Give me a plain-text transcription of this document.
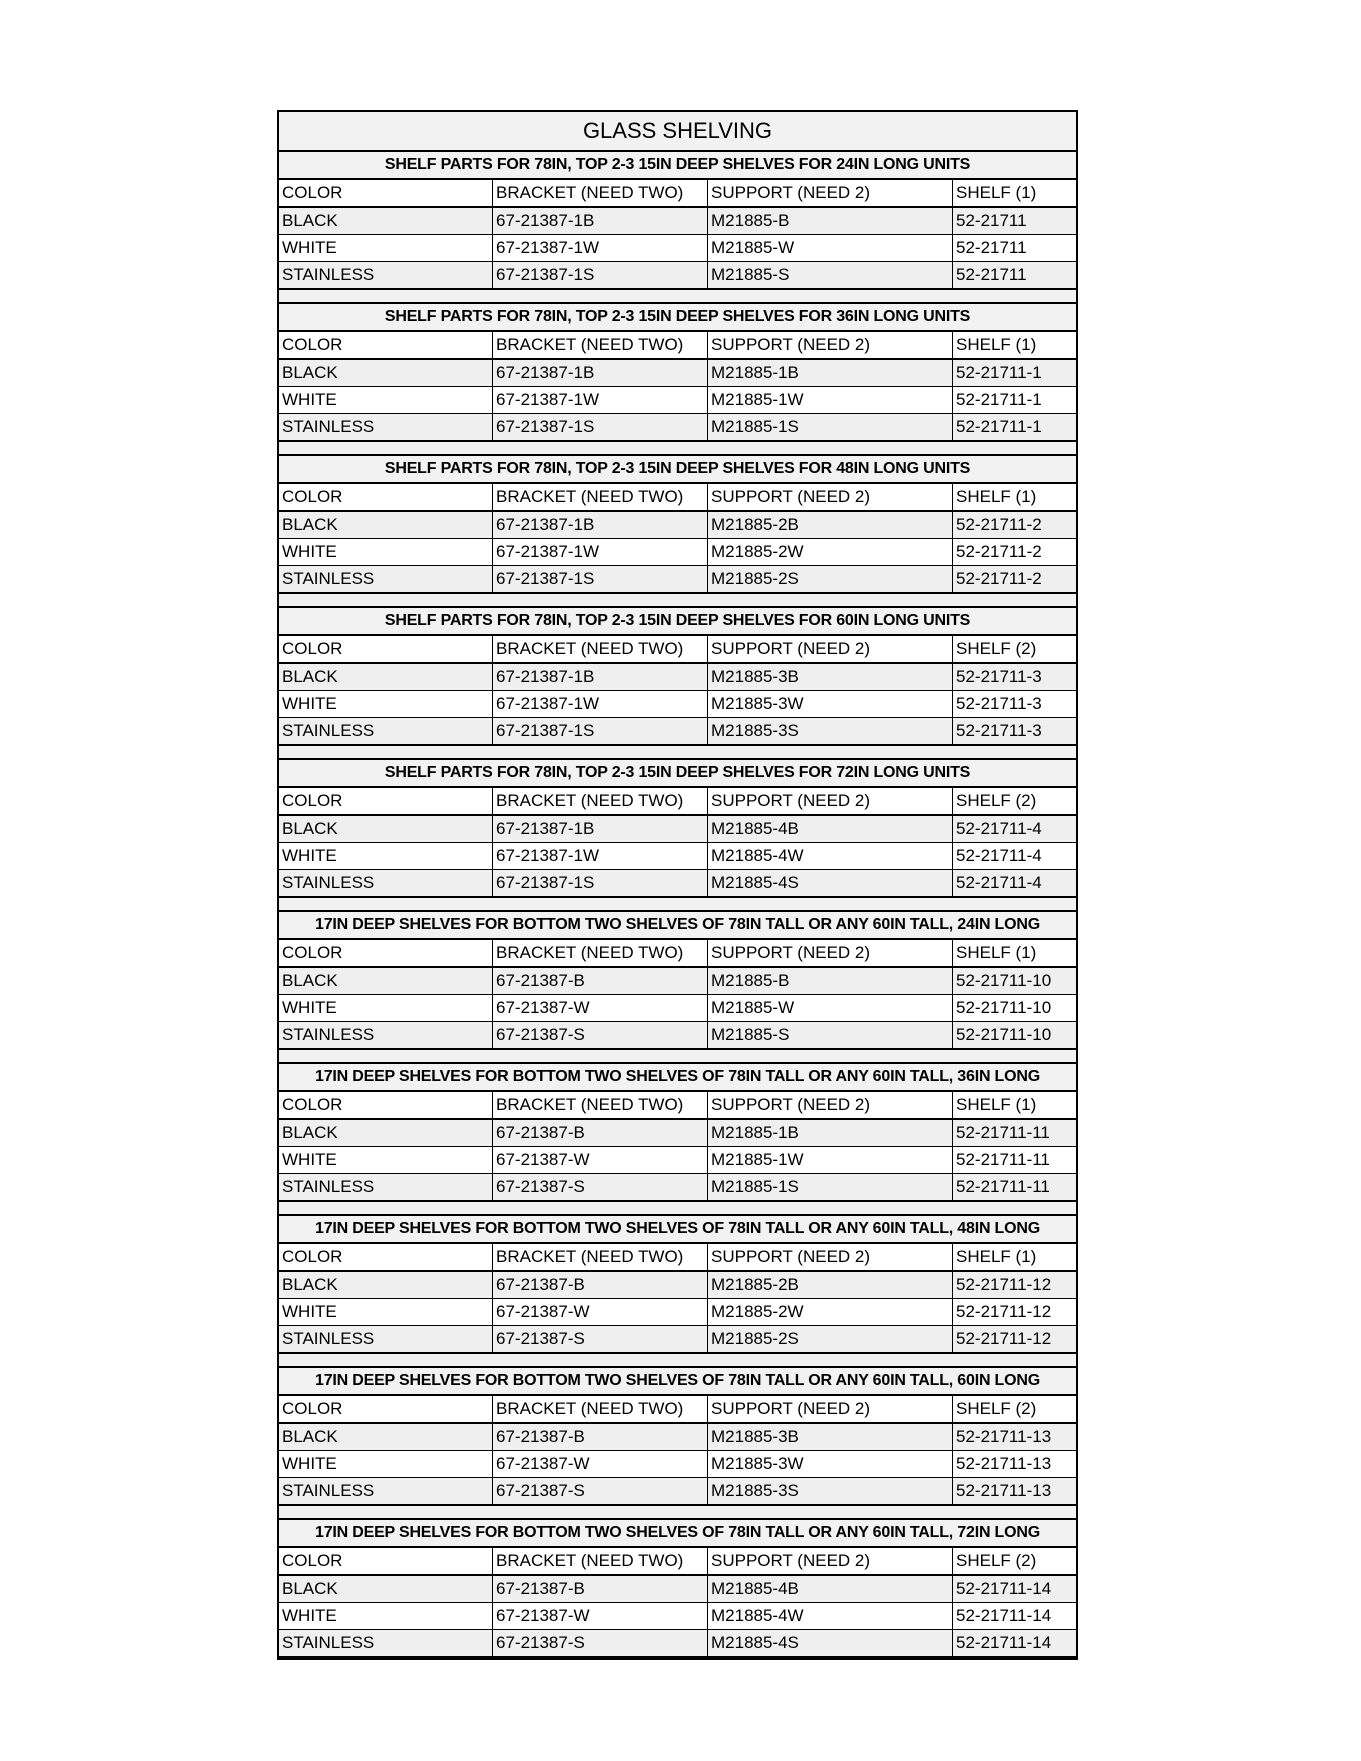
GLASS SHELVING
SHELF PARTS FOR 78IN, TOP 2-3 15IN DEEP SHELVES FOR 24IN LONG UNITS
COLOR	BRACKET (NEED TWO)	SUPPORT (NEED 2)	SHELF (1)
BLACK	67-21387-1B	M21885-B	52-21711
WHITE	67-21387-1W	M21885-W	52-21711
STAINLESS	67-21387-1S	M21885-S	52-21711
SHELF PARTS FOR 78IN, TOP 2-3 15IN DEEP SHELVES FOR 36IN LONG UNITS
COLOR	BRACKET (NEED TWO)	SUPPORT (NEED 2)	SHELF (1)
BLACK	67-21387-1B	M21885-1B	52-21711-1
WHITE	67-21387-1W	M21885-1W	52-21711-1
STAINLESS	67-21387-1S	M21885-1S	52-21711-1
SHELF PARTS FOR 78IN, TOP 2-3 15IN DEEP SHELVES FOR 48IN LONG UNITS
COLOR	BRACKET (NEED TWO)	SUPPORT (NEED 2)	SHELF (1)
BLACK	67-21387-1B	M21885-2B	52-21711-2
WHITE	67-21387-1W	M21885-2W	52-21711-2
STAINLESS	67-21387-1S	M21885-2S	52-21711-2
SHELF PARTS FOR 78IN, TOP 2-3 15IN DEEP SHELVES FOR 60IN LONG UNITS
COLOR	BRACKET (NEED TWO)	SUPPORT (NEED 2)	SHELF (2)
BLACK	67-21387-1B	M21885-3B	52-21711-3
WHITE	67-21387-1W	M21885-3W	52-21711-3
STAINLESS	67-21387-1S	M21885-3S	52-21711-3
SHELF PARTS FOR 78IN, TOP 2-3 15IN DEEP SHELVES FOR 72IN LONG UNITS
COLOR	BRACKET (NEED TWO)	SUPPORT (NEED 2)	SHELF (2)
BLACK	67-21387-1B	M21885-4B	52-21711-4
WHITE	67-21387-1W	M21885-4W	52-21711-4
STAINLESS	67-21387-1S	M21885-4S	52-21711-4
17IN DEEP SHELVES FOR BOTTOM TWO SHELVES OF 78IN TALL OR ANY 60IN TALL, 24IN LONG
COLOR	BRACKET (NEED TWO)	SUPPORT (NEED 2)	SHELF (1)
BLACK	67-21387-B	M21885-B	52-21711-10
WHITE	67-21387-W	M21885-W	52-21711-10
STAINLESS	67-21387-S	M21885-S	52-21711-10
17IN DEEP SHELVES FOR BOTTOM TWO SHELVES OF 78IN TALL OR ANY 60IN TALL, 36IN LONG
COLOR	BRACKET (NEED TWO)	SUPPORT (NEED 2)	SHELF (1)
BLACK	67-21387-B	M21885-1B	52-21711-11
WHITE	67-21387-W	M21885-1W	52-21711-11
STAINLESS	67-21387-S	M21885-1S	52-21711-11
17IN DEEP SHELVES FOR BOTTOM TWO SHELVES OF 78IN TALL OR ANY 60IN TALL, 48IN LONG
COLOR	BRACKET (NEED TWO)	SUPPORT (NEED 2)	SHELF (1)
BLACK	67-21387-B	M21885-2B	52-21711-12
WHITE	67-21387-W	M21885-2W	52-21711-12
STAINLESS	67-21387-S	M21885-2S	52-21711-12
17IN DEEP SHELVES FOR BOTTOM TWO SHELVES OF 78IN TALL OR ANY 60IN TALL, 60IN LONG
COLOR	BRACKET (NEED TWO)	SUPPORT (NEED 2)	SHELF (2)
BLACK	67-21387-B	M21885-3B	52-21711-13
WHITE	67-21387-W	M21885-3W	52-21711-13
STAINLESS	67-21387-S	M21885-3S	52-21711-13
17IN DEEP SHELVES FOR BOTTOM TWO SHELVES OF 78IN TALL OR ANY 60IN TALL, 72IN LONG
COLOR	BRACKET (NEED TWO)	SUPPORT (NEED 2)	SHELF (2)
BLACK	67-21387-B	M21885-4B	52-21711-14
WHITE	67-21387-W	M21885-4W	52-21711-14
STAINLESS	67-21387-S	M21885-4S	52-21711-14
